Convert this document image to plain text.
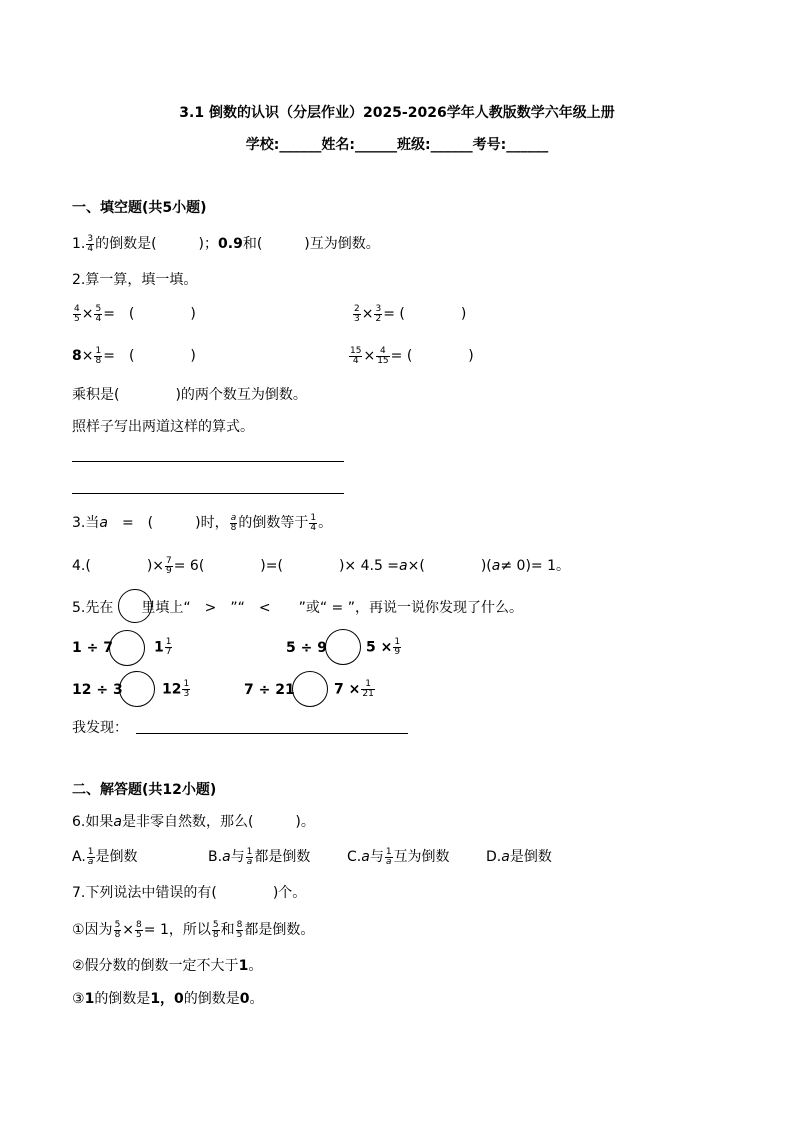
3.1 倒数的认识（分层作业）2025-2026学年人教版数学六年级上册
学校:______姓名:______班级:______考号:______
一、填空题(共5小题)
1. $\frac{3}{4}$ 的倒数是(　　　)；0.9和(　　　)互为倒数。
2.算一算，填一填。
$\frac{4}{5} \times \frac{5}{4}$ =　(　　　　)	$\frac{2}{3} \times \frac{3}{2}$ = (　　　　)
$8\times \frac{1}{8}$ =　(　　　　)	$\frac{15}{4} \times \frac{4}{15}$ = (　　　　)
乘积是(　　　　)的两个数互为倒数。
照样子写出两道这样的算式。
3.当a　=　(　　　)时， $\frac{a}{8}$ 的倒数等于 $\frac{1}{4}$ 。
4.(　　　　)× $\frac{7}{9} = 6$(　　　　)=(　　　　)× 4.5 =a×(　　　　)(a≠ 0)= 1。
5.先在　　里填上“　>　”“　<　　”或“ = ”，再说一说你发现了什么。
1 ÷ 7	$1 \frac{1}{7}$	5 ÷ 9	$5 \times \frac{1}{9}$
12 ÷ 3	$12 \frac{1}{3}$	7 ÷ 21	$7 \times \frac{1}{21}$
我发现：
二、解答题(共12小题)
6.如果a是非零自然数，那么(　　　)。
A. $\frac{1}{a}$ 是倒数	B.a与 $\frac{1}{a}$ 都是倒数	C.a与 $\frac{1}{a}$ 互为倒数	D.a是倒数
7.下列说法中错误的有(　　　　)个。
①因为 $\frac{5}{8} \times \frac{8}{5} = 1$，所以 $\frac{5}{8}$ 和 $\frac{8}{5}$ 都是倒数。
②假分数的倒数一定不大于1。
③1的倒数是1，0的倒数是0。
